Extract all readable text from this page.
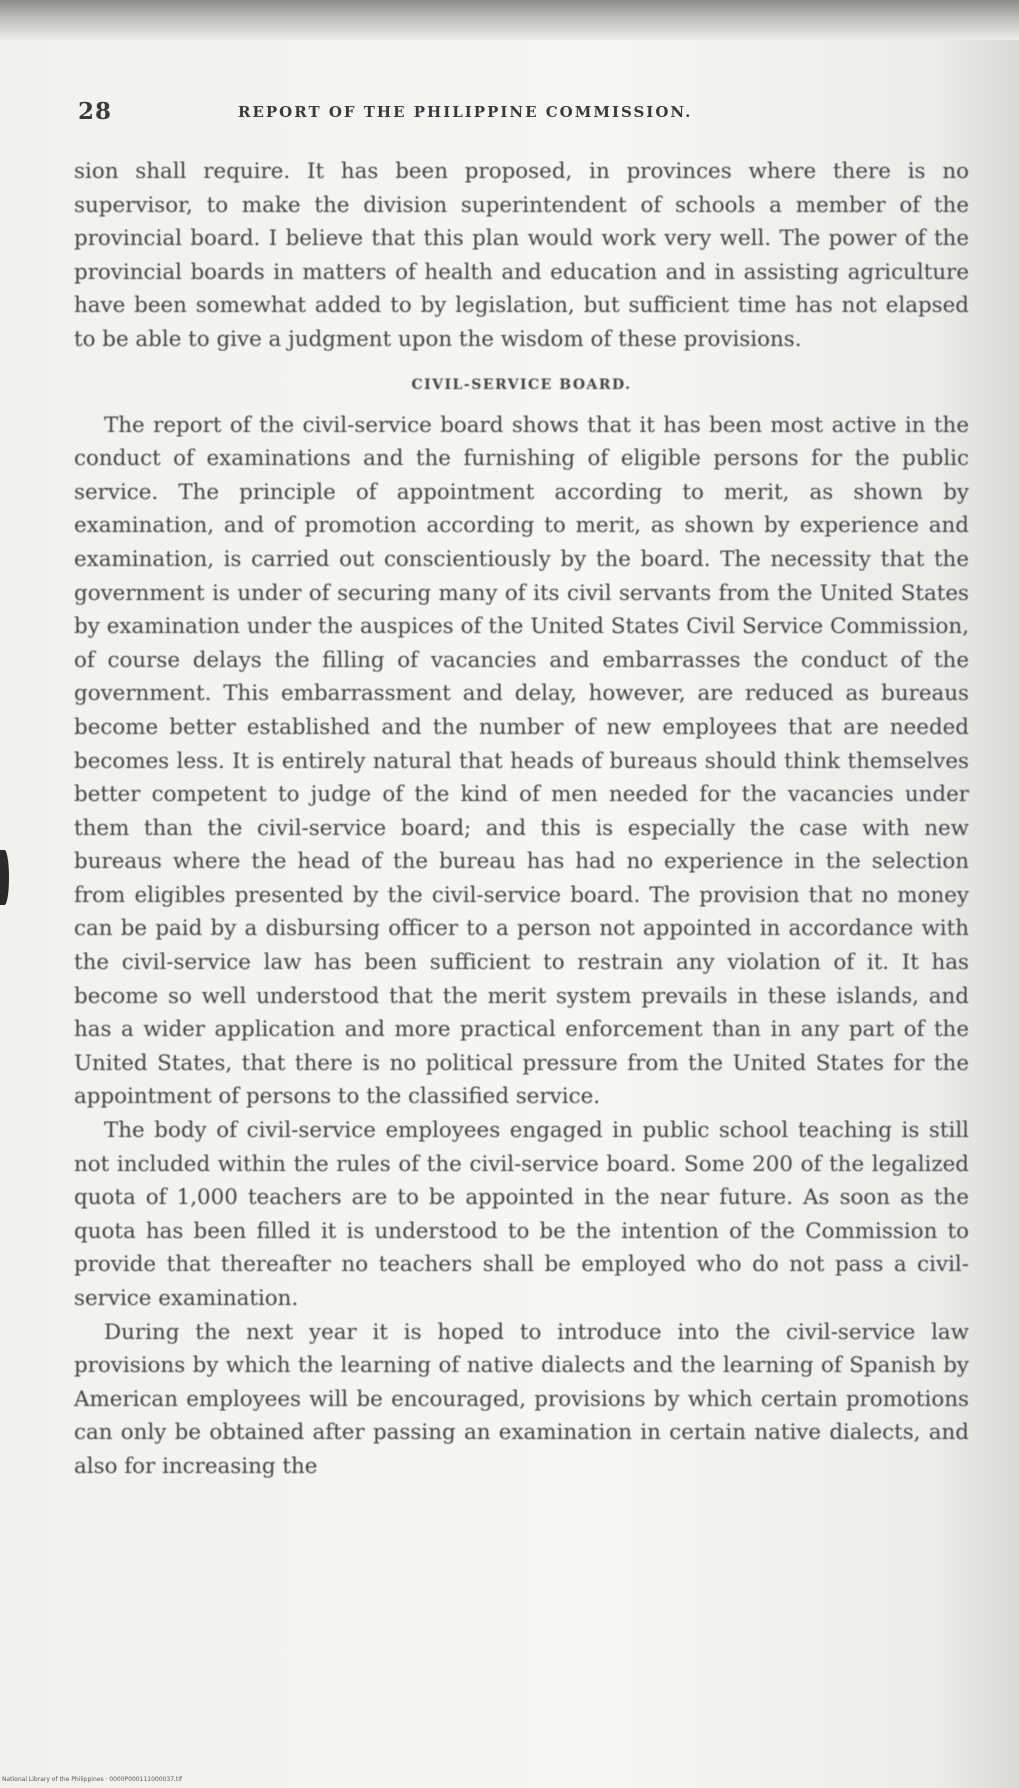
28	REPORT OF THE PHILIPPINE COMMISSION.

sion shall require. It has been proposed, in provinces where there is no supervisor, to make the division superintendent of schools a member of the provincial board. I believe that this plan would work very well. The power of the provincial boards in matters of health and education and in assisting agriculture have been somewhat added to by legislation, but sufficient time has not elapsed to be able to give a judgment upon the wisdom of these provisions.

CIVIL-SERVICE BOARD.

The report of the civil-service board shows that it has been most active in the conduct of examinations and the furnishing of eligible persons for the public service. The principle of appointment according to merit, as shown by examination, and of promotion according to merit, as shown by experience and examination, is carried out conscientiously by the board. The necessity that the government is under of securing many of its civil servants from the United States by examination under the auspices of the United States Civil Service Commission, of course delays the filling of vacancies and embarrasses the conduct of the government. This embarrassment and delay, however, are reduced as bureaus become better established and the number of new employees that are needed becomes less. It is entirely natural that heads of bureaus should think themselves better competent to judge of the kind of men needed for the vacancies under them than the civil-service board; and this is especially the case with new bureaus where the head of the bureau has had no experience in the selection from eligibles presented by the civil-service board. The provision that no money can be paid by a disbursing officer to a person not appointed in accordance with the civil-service law has been sufficient to restrain any violation of it. It has become so well understood that the merit system prevails in these islands, and has a wider application and more practical enforcement than in any part of the United States, that there is no political pressure from the United States for the appointment of persons to the classified service.

The body of civil-service employees engaged in public school teaching is still not included within the rules of the civil-service board. Some 200 of the legalized quota of 1,000 teachers are to be appointed in the near future. As soon as the quota has been filled it is understood to be the intention of the Commission to provide that thereafter no teachers shall be employed who do not pass a civil-service examination.

During the next year it is hoped to introduce into the civil-service law provisions by which the learning of native dialects and the learning of Spanish by American employees will be encouraged, provisions by which certain promotions can only be obtained after passing an examination in certain native dialects, and also for increasing the

National Library of the Philippines · 0000P000111000037.tif
